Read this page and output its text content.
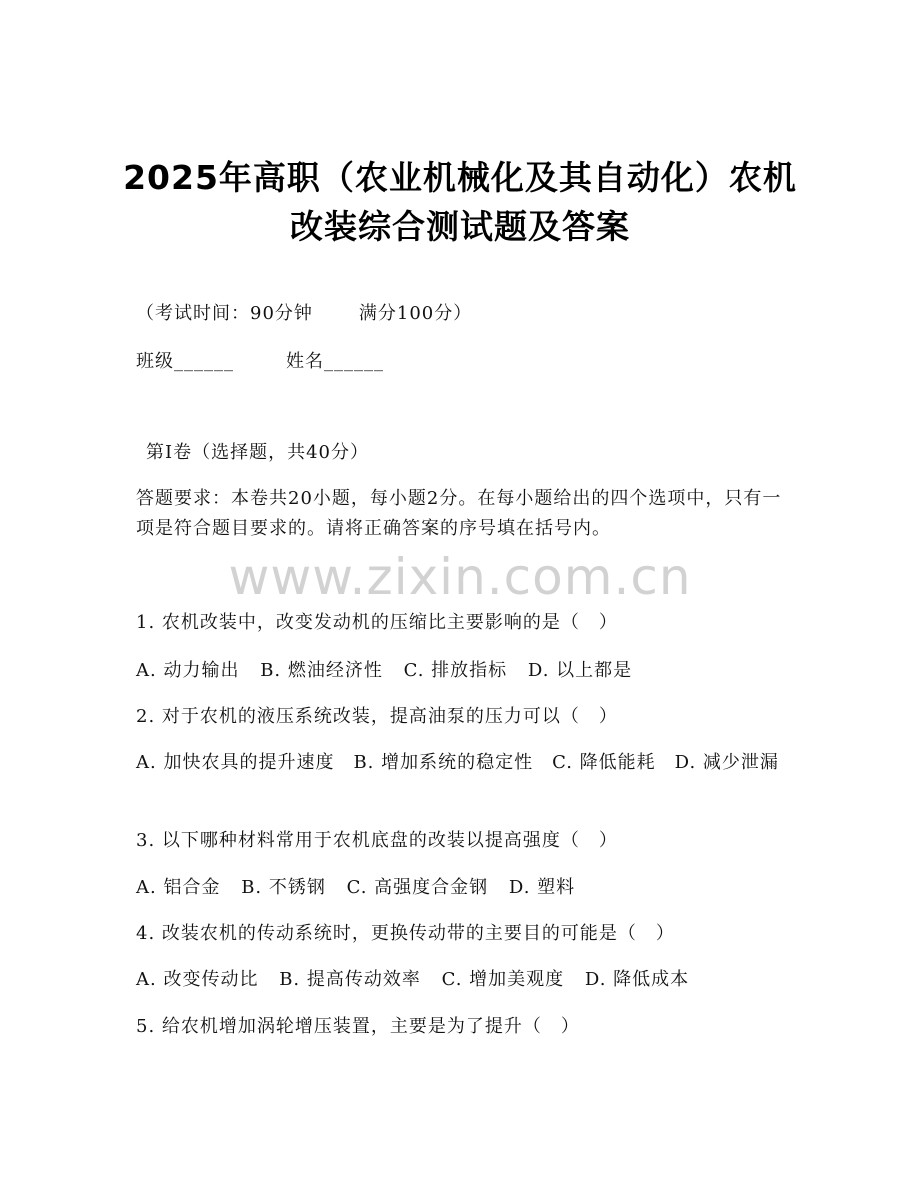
2025年高职（农业机械化及其自动化）农机
改装综合测试题及答案
（考试时间：90分钟	满分100分）
班级______	姓名______
第Ⅰ卷（选择题，共40分）
答题要求：本卷共20小题，每小题2分。在每小题给出的四个选项中，只有一项是符合题目要求的。请将正确答案的序号填在括号内。
www.zixin.com.cn
1. 农机改装中，改变发动机的压缩比主要影响的是（　）
A. 动力输出 B. 燃油经济性 C. 排放指标 D. 以上都是
2. 对于农机的液压系统改装，提高油泵的压力可以（　）
A. 加快农具的提升速度　B. 增加系统的稳定性　C. 降低能耗　D. 减少泄漏
3. 以下哪种材料常用于农机底盘的改装以提高强度（　）
A. 铝合金 B. 不锈钢 C. 高强度合金钢 D. 塑料
4. 改装农机的传动系统时，更换传动带的主要目的可能是（　）
A. 改变传动比 B. 提高传动效率 C. 增加美观度 D. 降低成本
5. 给农机增加涡轮增压装置，主要是为了提升（　）
